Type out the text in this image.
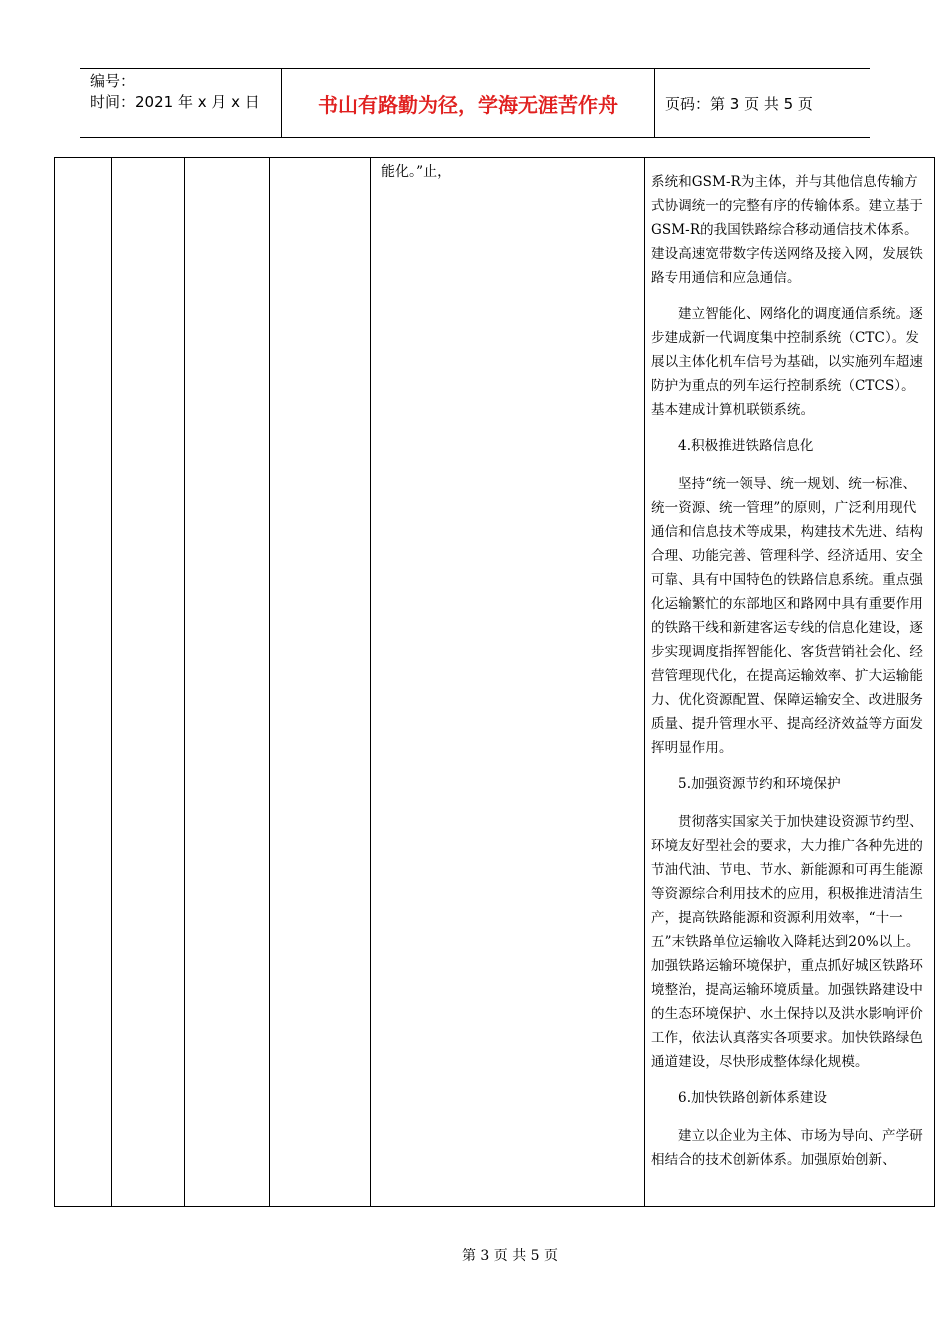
编号：
时间：2021 年 x 月 x 日	书山有路勤为径，学海无涯苦作舟	页码：第 3 页 共 5 页
能化。”止，

系统和GSM-R为主体，并与其他信息传输方式协调统一的完整有序的传输体系。建立基于GSM-R的我国铁路综合移动通信技术体系。建设高速宽带数字传送网络及接入网，发展铁路专用通信和应急通信。

建立智能化、网络化的调度通信系统。逐步建成新一代调度集中控制系统（CTC）。发展以主体化机车信号为基础，以实施列车超速防护为重点的列车运行控制系统（CTCS）。基本建成计算机联锁系统。

4.积极推进铁路信息化

坚持“统一领导、统一规划、统一标准、统一资源、统一管理”的原则，广泛利用现代通信和信息技术等成果，构建技术先进、结构合理、功能完善、管理科学、经济适用、安全可靠、具有中国特色的铁路信息系统。重点强化运输繁忙的东部地区和路网中具有重要作用的铁路干线和新建客运专线的信息化建设，逐步实现调度指挥智能化、客货营销社会化、经营管理现代化，在提高运输效率、扩大运输能力、优化资源配置、保障运输安全、改进服务质量、提升管理水平、提高经济效益等方面发挥明显作用。

5.加强资源节约和环境保护

贯彻落实国家关于加快建设资源节约型、环境友好型社会的要求，大力推广各种先进的节油代油、节电、节水、新能源和可再生能源等资源综合利用技术的应用，积极推进清洁生产，提高铁路能源和资源利用效率，“十一五”末铁路单位运输收入降耗达到20%以上。加强铁路运输环境保护，重点抓好城区铁路环境整治，提高运输环境质量。加强铁路建设中的生态环境保护、水土保持以及洪水影响评价工作，依法认真落实各项要求。加快铁路绿色通道建设，尽快形成整体绿化规模。

6.加快铁路创新体系建设

建立以企业为主体、市场为导向、产学研相结合的技术创新体系。加强原始创新、

第 3 页 共 5 页
